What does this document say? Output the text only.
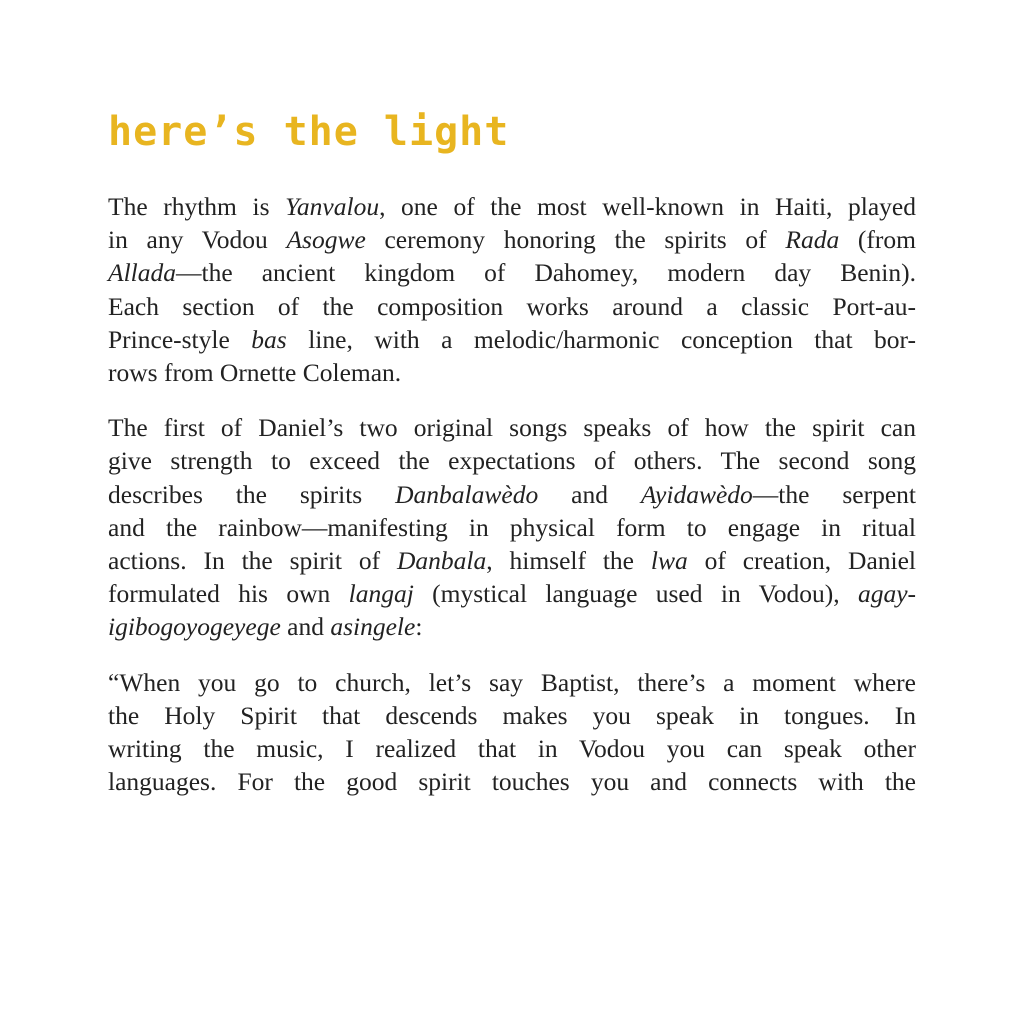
here’s the light
The rhythm is Yanvalou, one of the most well-known in Haiti, played
in any Vodou Asogwe ceremony honoring the spirits of Rada (from
Allada—the ancient kingdom of Dahomey, modern day Benin).
Each section of the composition works around a classic Port-au-
Prince-style bas line, with a melodic/harmonic conception that bor-
rows from Ornette Coleman.
The first of Daniel’s two original songs speaks of how the spirit can
give strength to exceed the expectations of others. The second song
describes the spirits Danbalawèdo and Ayidawèdo—the serpent
and the rainbow—manifesting in physical form to engage in ritual
actions. In the spirit of Danbala, himself the lwa of creation, Daniel
formulated his own langaj (mystical language used in Vodou), agay-
igibogoyogeyege and asingele:
“When you go to church, let’s say Baptist, there’s a moment where
the Holy Spirit that descends makes you speak in tongues. In
writing the music, I realized that in Vodou you can speak other
languages. For the good spirit touches you and connects with the
